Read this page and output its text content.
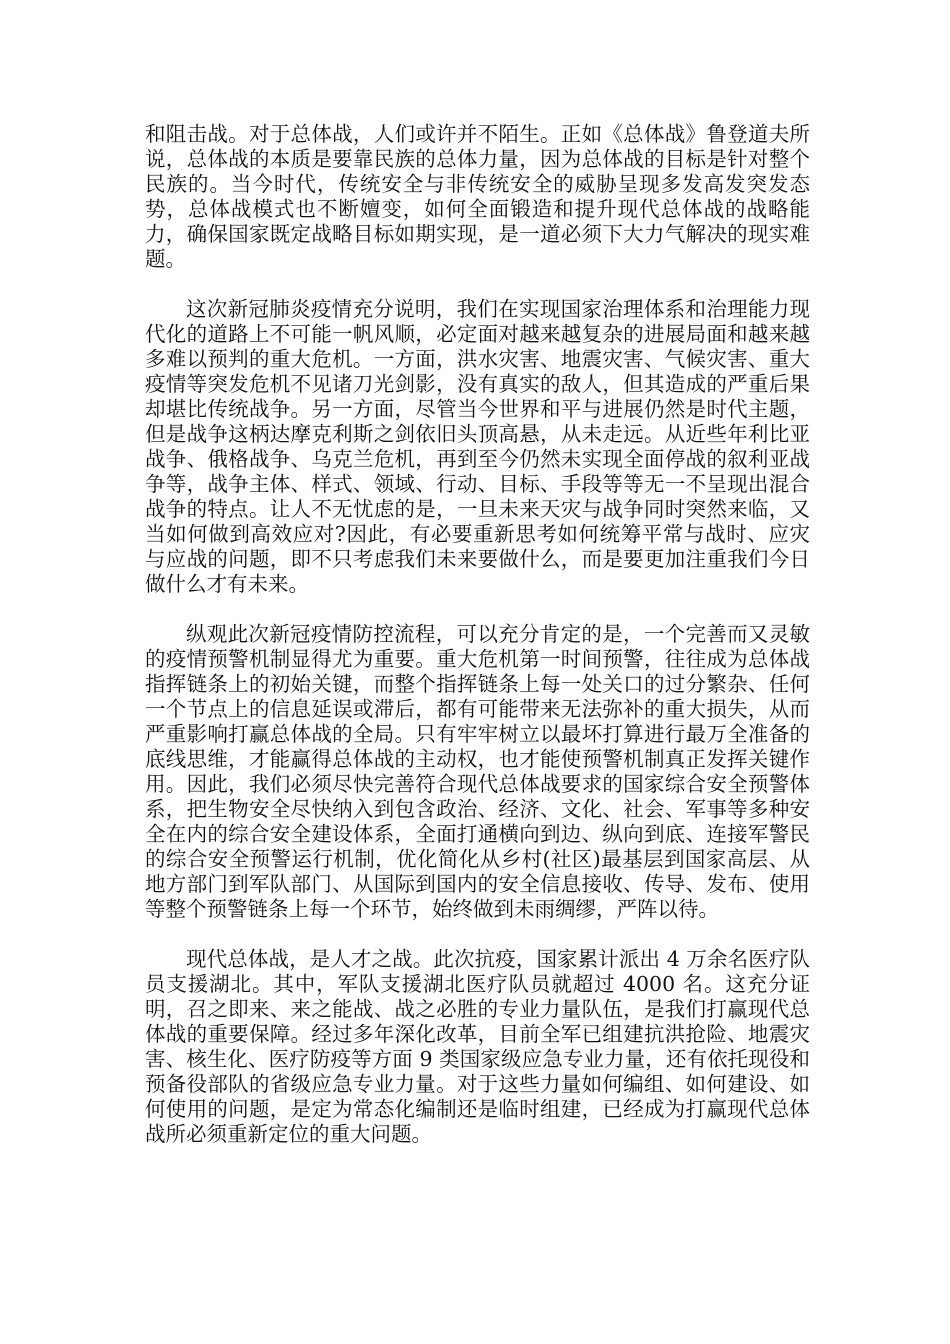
和阻击战。对于总体战，人们或许并不陌生。正如《总体战》鲁登道夫所说，总体战的本质是要靠民族的总体力量，因为总体战的目标是针对整个民族的。当今时代，传统安全与非传统安全的威胁呈现多发高发突发态势，总体战模式也不断嬗变，如何全面锻造和提升现代总体战的战略能力，确保国家既定战略目标如期实现，是一道必须下大力气解决的现实难题。

这次新冠肺炎疫情充分说明，我们在实现国家治理体系和治理能力现代化的道路上不可能一帆风顺，必定面对越来越复杂的进展局面和越来越多难以预判的重大危机。一方面，洪水灾害、地震灾害、气候灾害、重大疫情等突发危机不见诸刀光剑影，没有真实的敌人，但其造成的严重后果却堪比传统战争。另一方面，尽管当今世界和平与进展仍然是时代主题，但是战争这柄达摩克利斯之剑依旧头顶高悬，从未走远。从近些年利比亚战争、俄格战争、乌克兰危机，再到至今仍然未实现全面停战的叙利亚战争等，战争主体、样式、领域、行动、目标、手段等等无一不呈现出混合战争的特点。让人不无忧虑的是，一旦未来天灾与战争同时突然来临，又当如何做到高效应对?因此，有必要重新思考如何统筹平常与战时、应灾与应战的问题，即不只考虑我们未来要做什么，而是要更加注重我们今日做什么才有未来。

纵观此次新冠疫情防控流程，可以充分肯定的是，一个完善而又灵敏的疫情预警机制显得尤为重要。重大危机第一时间预警，往往成为总体战指挥链条上的初始关键，而整个指挥链条上每一处关口的过分繁杂、任何一个节点上的信息延误或滞后，都有可能带来无法弥补的重大损失，从而严重影响打赢总体战的全局。只有牢牢树立以最坏打算进行最万全准备的底线思维，才能赢得总体战的主动权，也才能使预警机制真正发挥关键作用。因此，我们必须尽快完善符合现代总体战要求的国家综合安全预警体系，把生物安全尽快纳入到包含政治、经济、文化、社会、军事等多种安全在内的综合安全建设体系，全面打通横向到边、纵向到底、连接军警民的综合安全预警运行机制，优化简化从乡村(社区)最基层到国家高层、从地方部门到军队部门、从国际到国内的安全信息接收、传导、发布、使用等整个预警链条上每一个环节，始终做到未雨绸缪，严阵以待。

现代总体战，是人才之战。此次抗疫，国家累计派出 4 万余名医疗队员支援湖北。其中，军队支援湖北医疗队员就超过 4000 名。这充分证明，召之即来、来之能战、战之必胜的专业力量队伍，是我们打赢现代总体战的重要保障。经过多年深化改革，目前全军已组建抗洪抢险、地震灾害、核生化、医疗防疫等方面 9 类国家级应急专业力量，还有依托现役和预备役部队的省级应急专业力量。对于这些力量如何编组、如何建设、如何使用的问题，是定为常态化编制还是临时组建，已经成为打赢现代总体战所必须重新定位的重大问题。
